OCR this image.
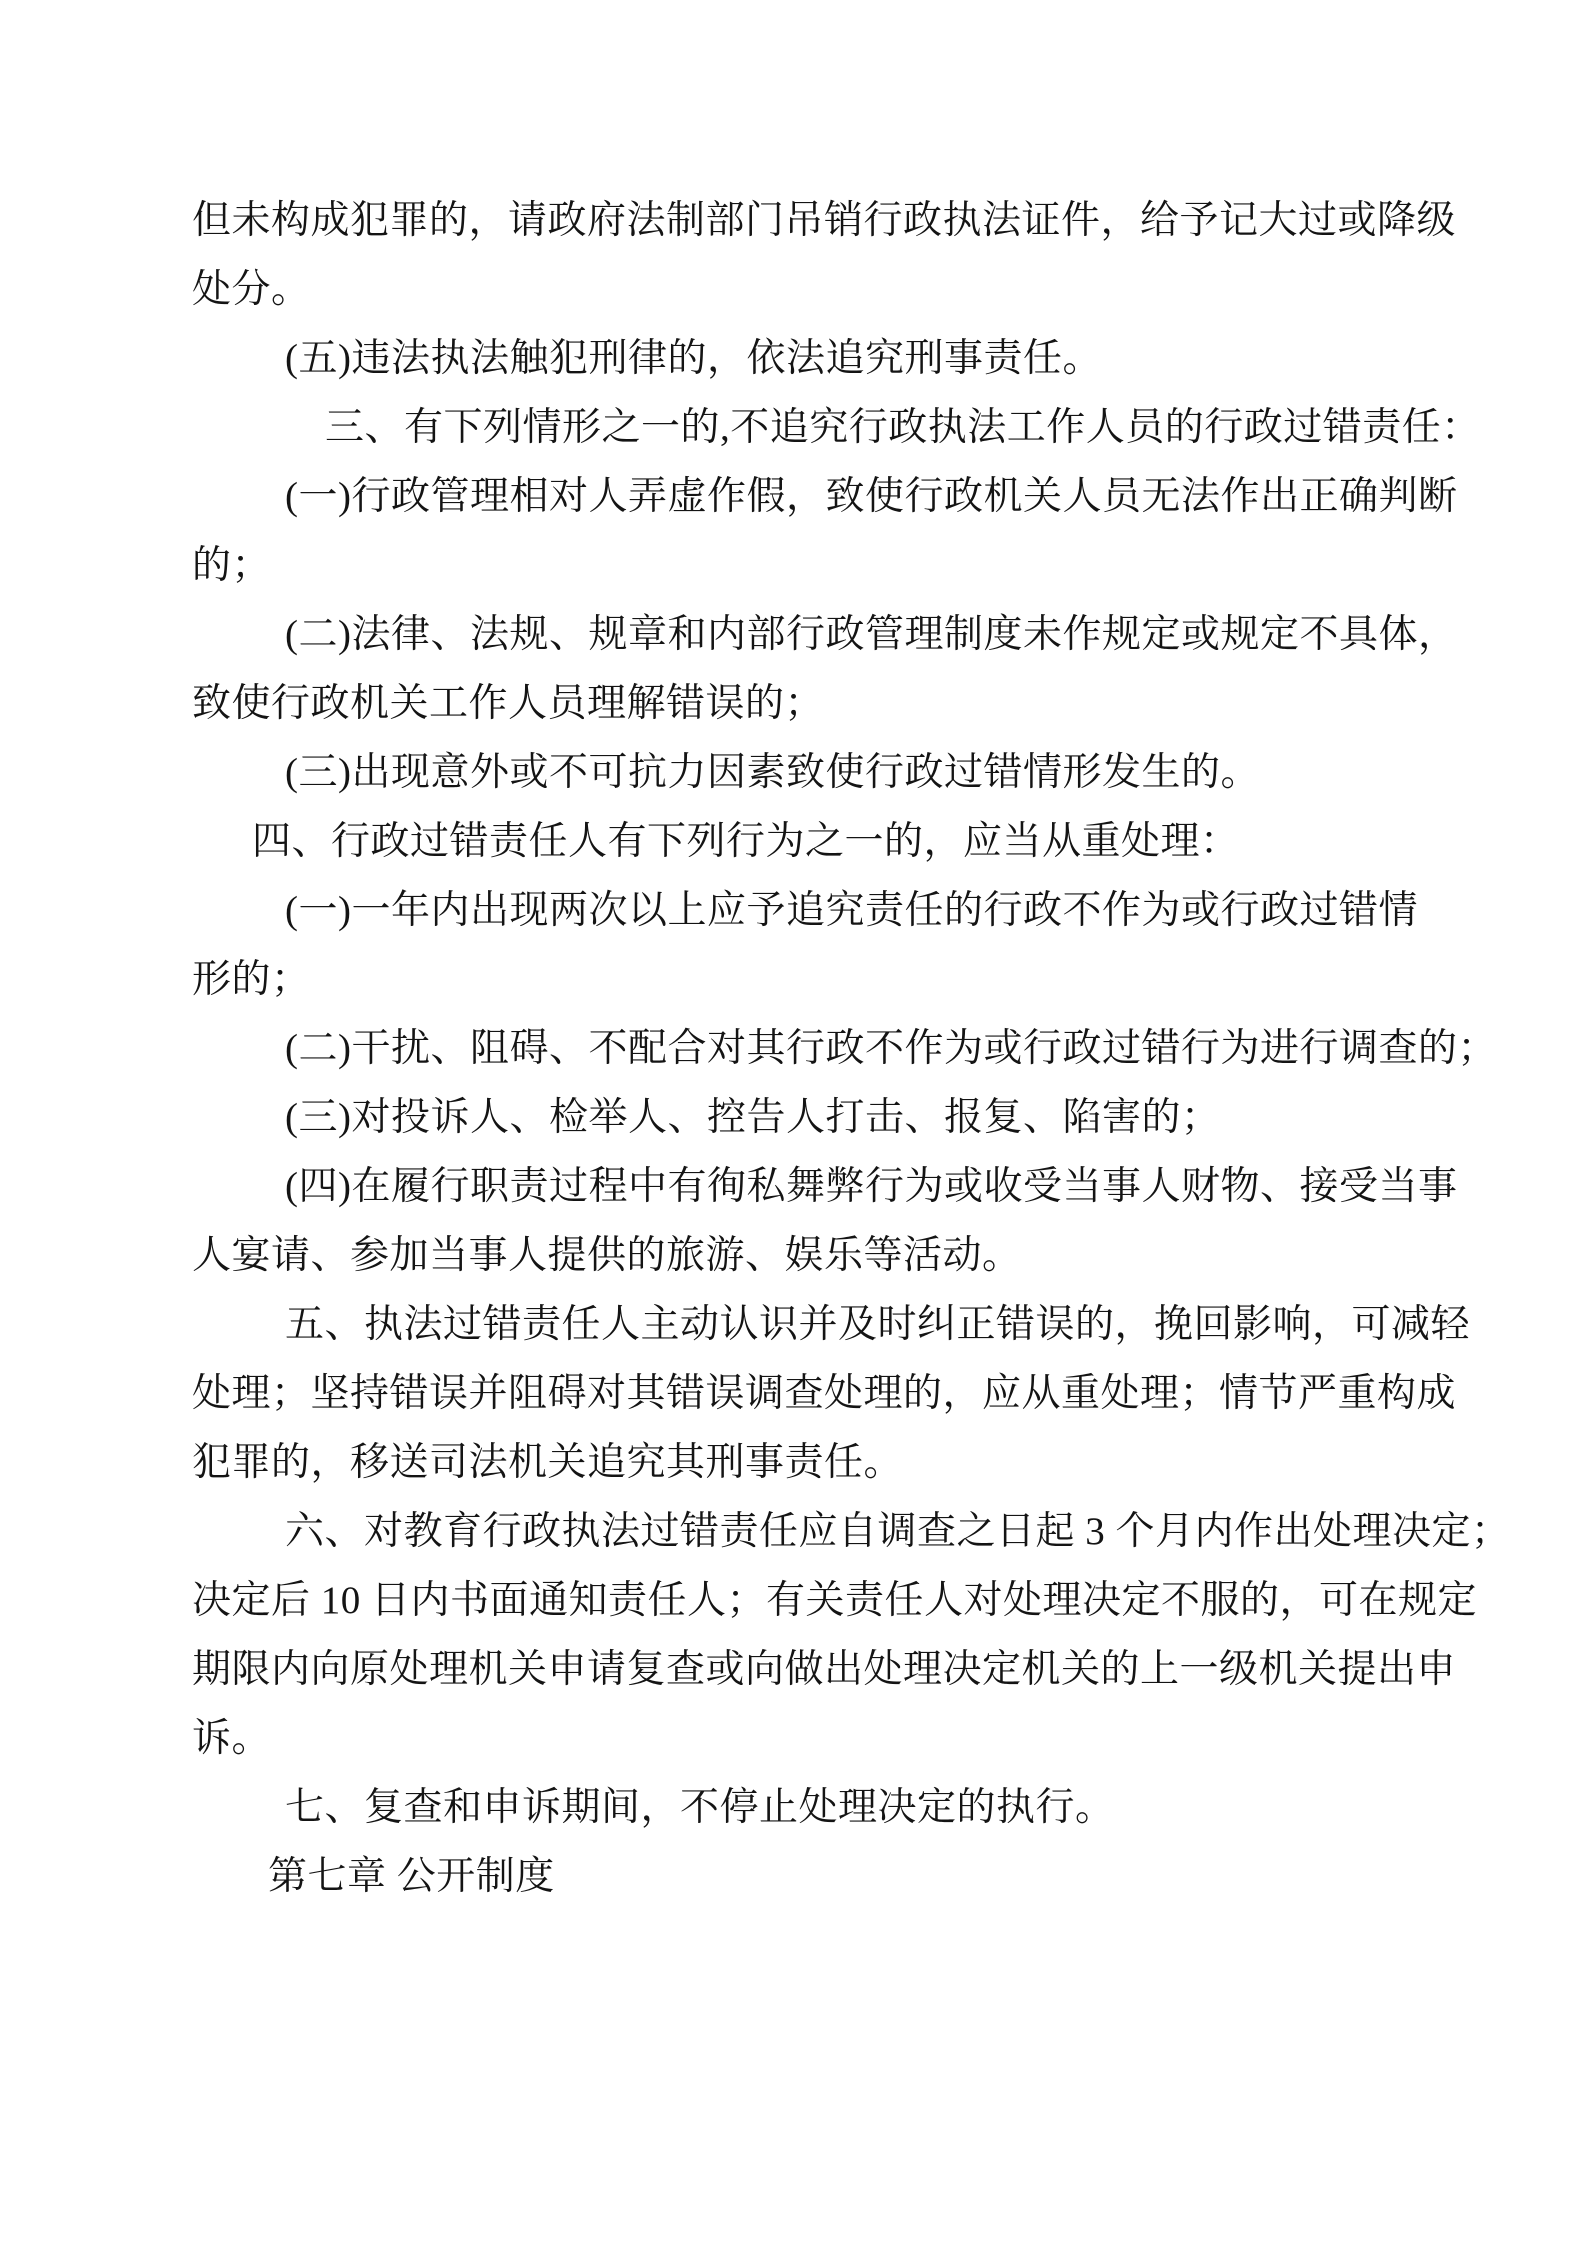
但未构成犯罪的，请政府法制部门吊销行政执法证件，给予记大过或降级

处分。

(五)违法执法触犯刑律的，依法追究刑事责任。

三、有下列情形之一的,不追究行政执法工作人员的行政过错责任：

(一)行政管理相对人弄虚作假，致使行政机关人员无法作出正确判断

的；

(二)法律、法规、规章和内部行政管理制度未作规定或规定不具体，

致使行政机关工作人员理解错误的；

(三)出现意外或不可抗力因素致使行政过错情形发生的。

四、行政过错责任人有下列行为之一的，应当从重处理：

(一)一年内出现两次以上应予追究责任的行政不作为或行政过错情

形的；

(二)干扰、阻碍、不配合对其行政不作为或行政过错行为进行调查的；

(三)对投诉人、检举人、控告人打击、报复、陷害的；

(四)在履行职责过程中有徇私舞弊行为或收受当事人财物、接受当事

人宴请、参加当事人提供的旅游、娱乐等活动。

五、执法过错责任人主动认识并及时纠正错误的，挽回影响，可减轻

处理；坚持错误并阻碍对其错误调查处理的，应从重处理；情节严重构成

犯罪的，移送司法机关追究其刑事责任。

六、对教育行政执法过错责任应自调查之日起 3 个月内作出处理决定；

决定后 10 日内书面通知责任人；有关责任人对处理决定不服的，可在规定

期限内向原处理机关申请复查或向做出处理决定机关的上一级机关提出申

诉。

七、复查和申诉期间，不停止处理决定的执行。

第七章 公开制度
